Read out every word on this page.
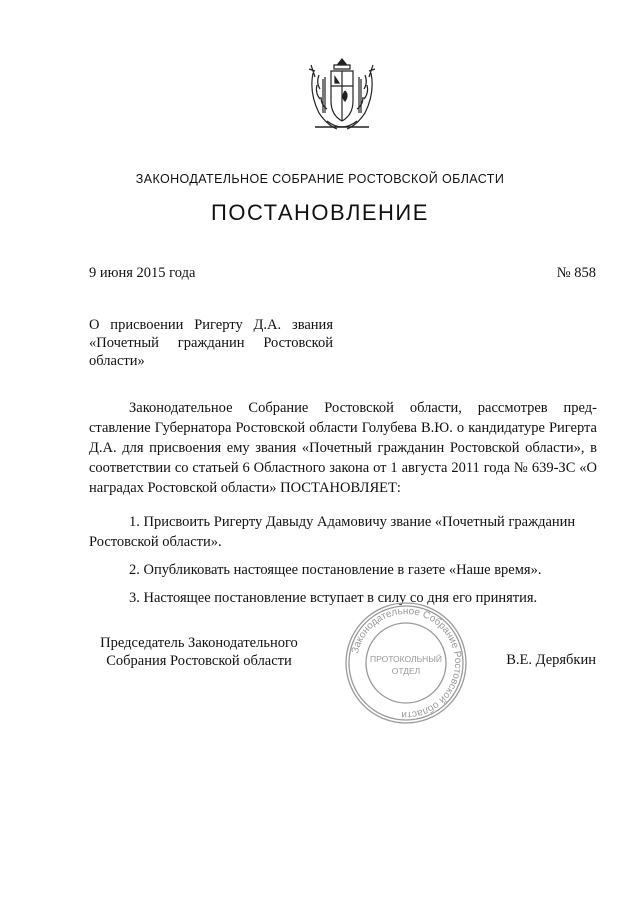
ЗАКОНОДАТЕЛЬНОЕ СОБРАНИЕ РОСТОВСКОЙ ОБЛАСТИ
ПОСТАНОВЛЕНИЕ
9 июня 2015 года	№ 858
О присвоении Ригерту Д.А. звания «Почетный гражданин Ростовской области»

Законодательное Собрание Ростовской области, рассмотрев пред-ставление Губернатора Ростовской области Голубева В.Ю. о кандидатуре Ригерта Д.А. для присвоения ему звания «Почетный гражданин Ростовской области», в соответствии со статьей 6 Областного закона от 1 августа 2011 года № 639-ЗС «О наградах Ростовской области» ПОСТАНОВЛЯЕТ:

1. Присвоить Ригерту Давыду Адамовичу звание «Почетный гражданин Ростовской области».

2. Опубликовать настоящее постановление в газете «Наше время».

3. Настоящее постановление вступает в силу со дня его принятия.

Председатель Законодательного
Собрания Ростовской области	В.Е. Дерябкин
Законодательное Собрание Ростовской области
ПРОТОКОЛЬНЫЙ
ОТДЕЛ
